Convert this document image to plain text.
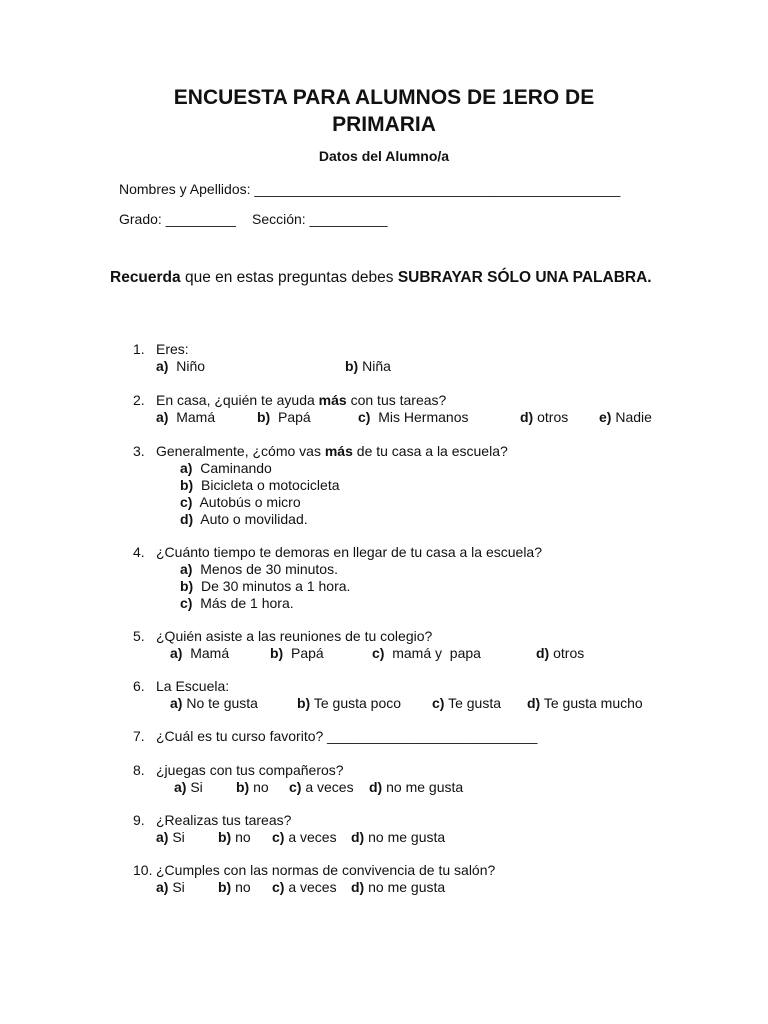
ENCUESTA PARA ALUMNOS DE 1ERO DE
PRIMARIA
Datos del Alumno/a
Nombres y Apellidos: _______________________________________________
Grado: _________ Sección: __________
Recuerda que en estas preguntas debes SUBRAYAR SÓLO UNA PALABRA.
1. Eres:
a) Niño	b) Niña
2. En casa, ¿quién te ayuda más con tus tareas?
a) Mamá	b) Papá	c) Mis Hermanos	d) otros e) Nadie
3. Generalmente, ¿cómo vas más de tu casa a la escuela?
a) Caminando
b) Bicicleta o motocicleta
c) Autobús o micro
d) Auto o movilidad.
4. ¿Cuánto tiempo te demoras en llegar de tu casa a la escuela?
a) Menos de 30 minutos.
b) De 30 minutos a 1 hora.
c) Más de 1 hora.
5. ¿Quién asiste a las reuniones de tu colegio?
a) Mamá	b) Papá	c) mamá y  papa	d) otros
6. La Escuela:
a) No te gusta	b) Te gusta poco c) Te gusta d) Te gusta mucho
7. ¿Cuál es tu curso favorito? ___________________________
8. ¿juegas con tus compañeros?
a) Si b) no c) a veces d) no me gusta
9. ¿Realizas tus tareas?
a) Si b) no c) a veces d) no me gusta
10. ¿Cumples con las normas de convivencia de tu salón?
a) Si b) no c) a veces d) no me gusta
